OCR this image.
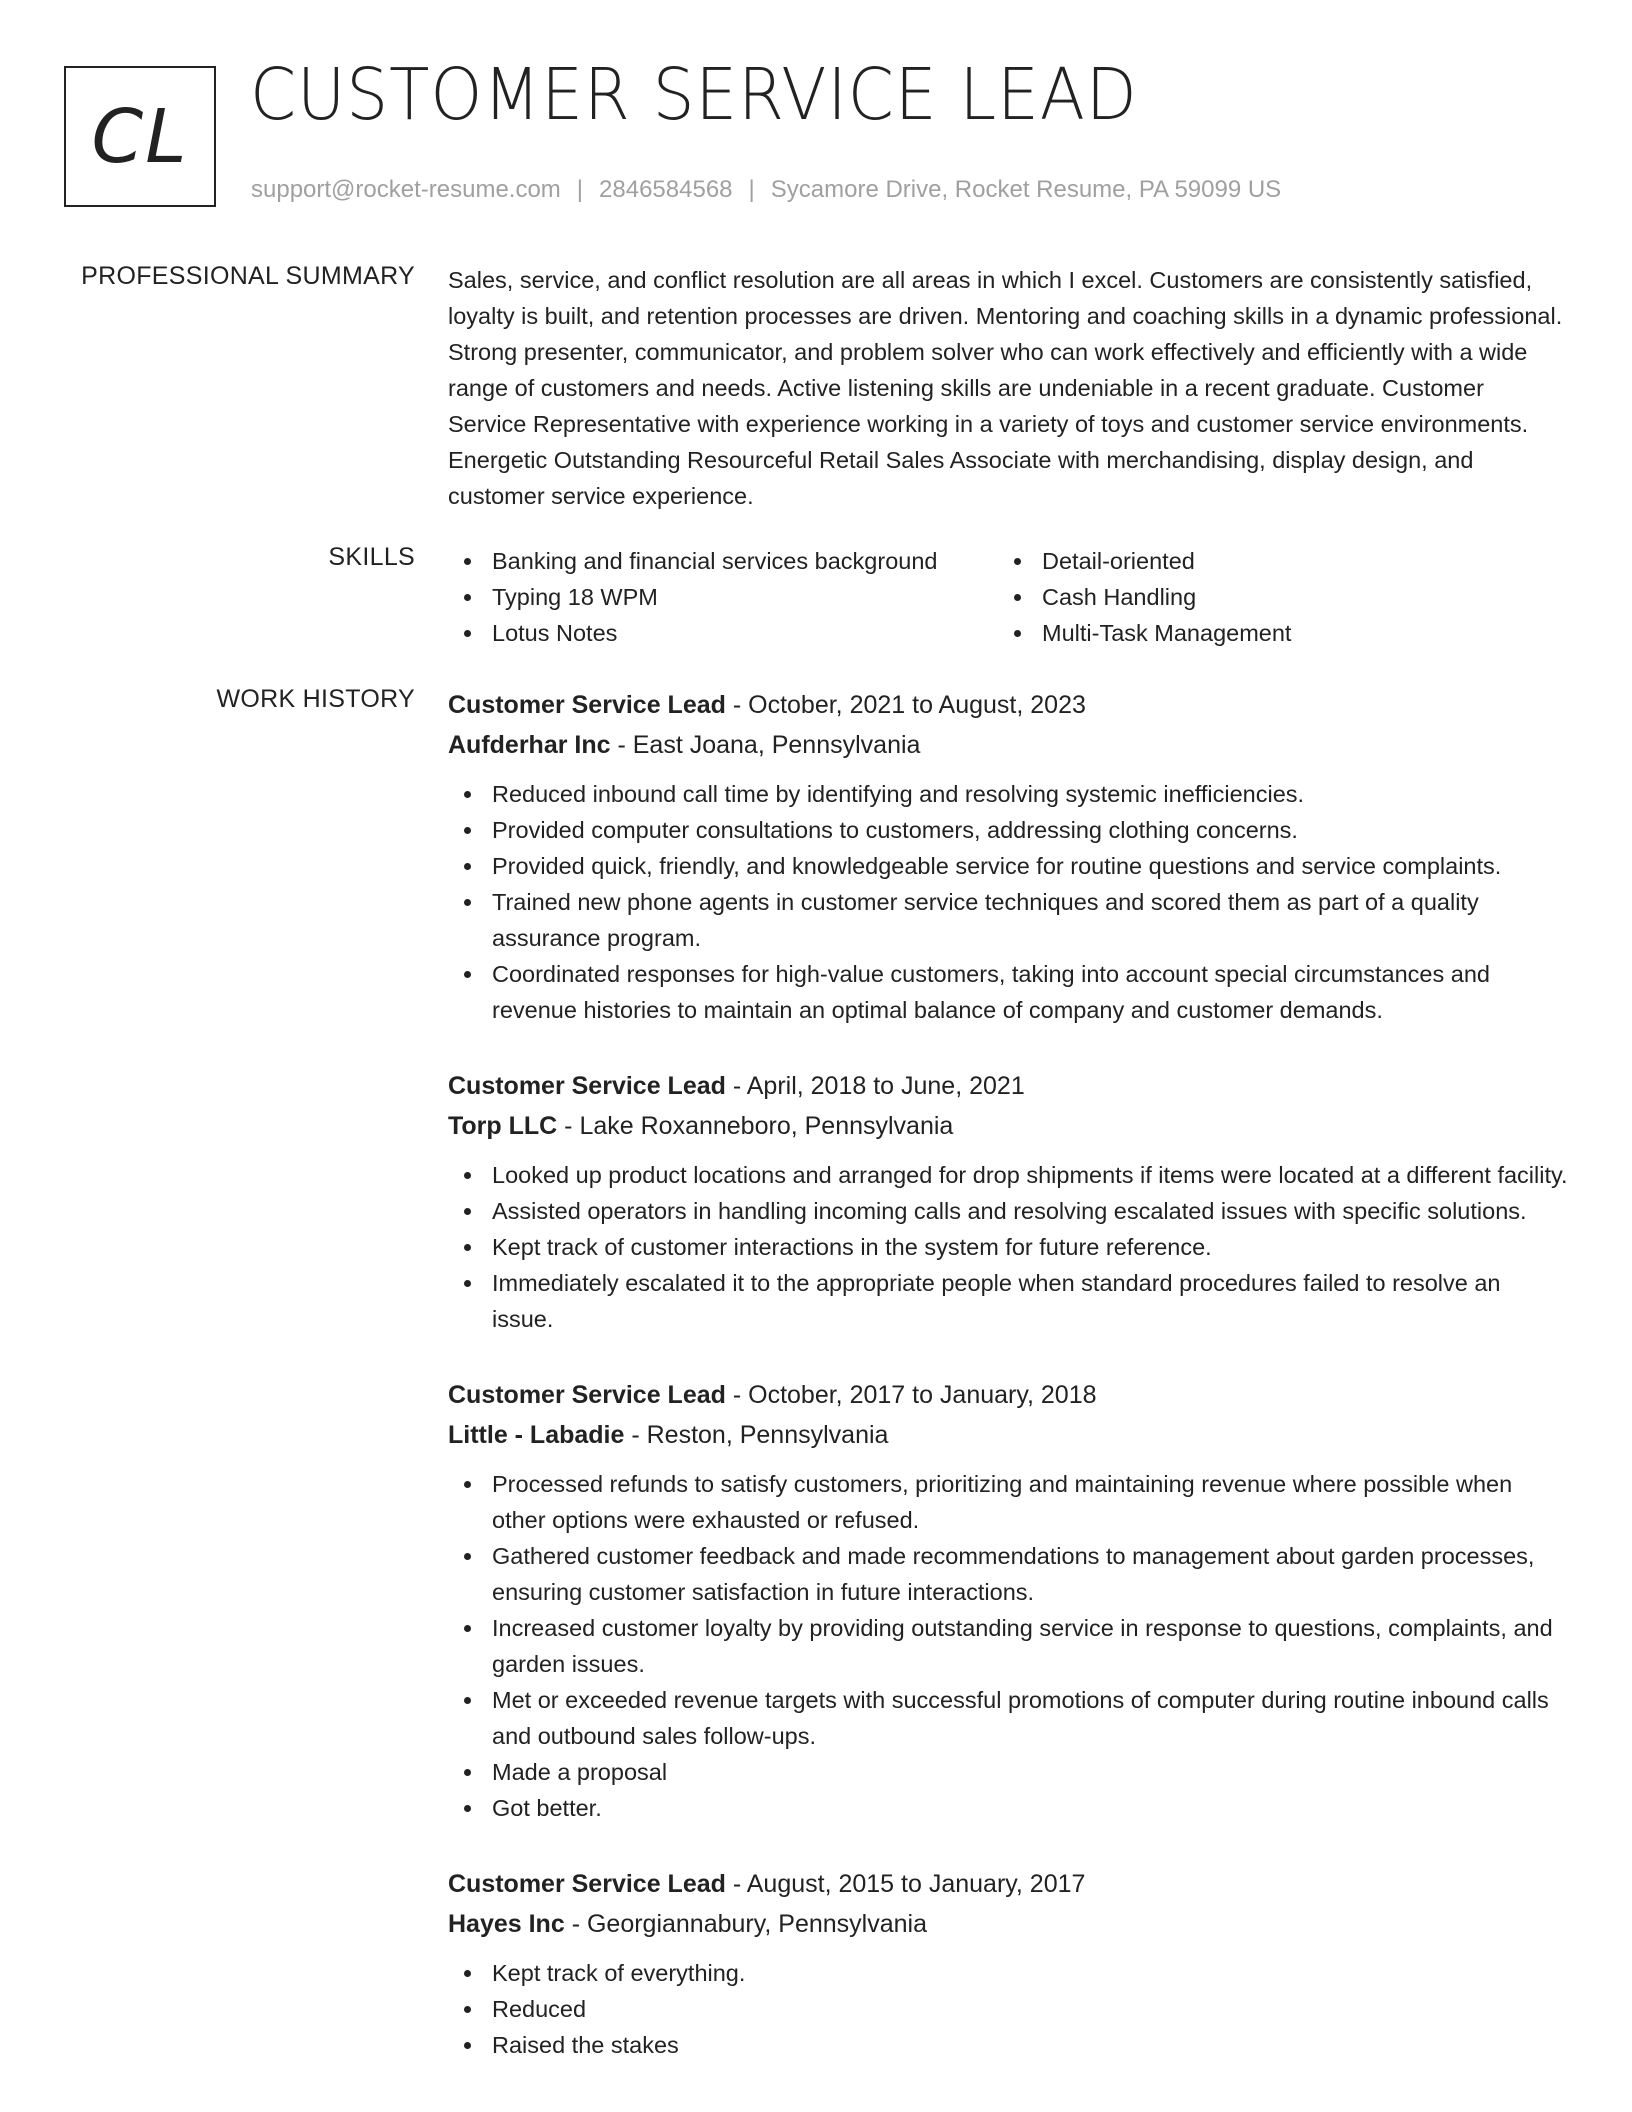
CL CUSTOMER SERVICE LEAD
support@rocket-resume.com | 2846584568 | Sycamore Drive, Rocket Resume, PA 59099 US
PROFESSIONAL SUMMARY Sales, service, and conflict resolution are all areas in which I excel. Customers are consistently satisfied, loyalty is built, and retention processes are driven. Mentoring and coaching skills in a dynamic professional. Strong presenter, communicator, and problem solver who can work effectively and efficiently with a wide range of customers and needs. Active listening skills are undeniable in a recent graduate. Customer Service Representative with experience working in a variety of toys and customer service environments. Energetic Outstanding Resourceful Retail Sales Associate with merchandising, display design, and customer service experience.

SKILLS	Banking and financial services background
Typing 18 WPM
Lotus Notes
Detail-oriented
Cash Handling
Multi-Task Management
WORK HISTORY Customer Service Lead - October, 2021 to August, 2023
Aufderhar Inc - East Joana, Pennsylvania
Reduced inbound call time by identifying and resolving systemic inefficiencies.
Provided computer consultations to customers, addressing clothing concerns.
Provided quick, friendly, and knowledgeable service for routine questions and service complaints.
Trained new phone agents in customer service techniques and scored them as part of a quality assurance program.
Coordinated responses for high-value customers, taking into account special circumstances and revenue histories to maintain an optimal balance of company and customer demands.
Customer Service Lead - April, 2018 to June, 2021
Torp LLC - Lake Roxanneboro, Pennsylvania
Looked up product locations and arranged for drop shipments if items were located at a different facility.
Assisted operators in handling incoming calls and resolving escalated issues with specific solutions.
Kept track of customer interactions in the system for future reference.
Immediately escalated it to the appropriate people when standard procedures failed to resolve an issue.
Customer Service Lead - October, 2017 to January, 2018
Little - Labadie - Reston, Pennsylvania
Processed refunds to satisfy customers, prioritizing and maintaining revenue where possible when other options were exhausted or refused.
Gathered customer feedback and made recommendations to management about garden processes, ensuring customer satisfaction in future interactions.
Increased customer loyalty by providing outstanding service in response to questions, complaints, and garden issues.
Met or exceeded revenue targets with successful promotions of computer during routine inbound calls and outbound sales follow-ups.
Made a proposal
Got better.
Customer Service Lead - August, 2015 to January, 2017
Hayes Inc - Georgiannabury, Pennsylvania
Kept track of everything.
Reduced
Raised the stakes
